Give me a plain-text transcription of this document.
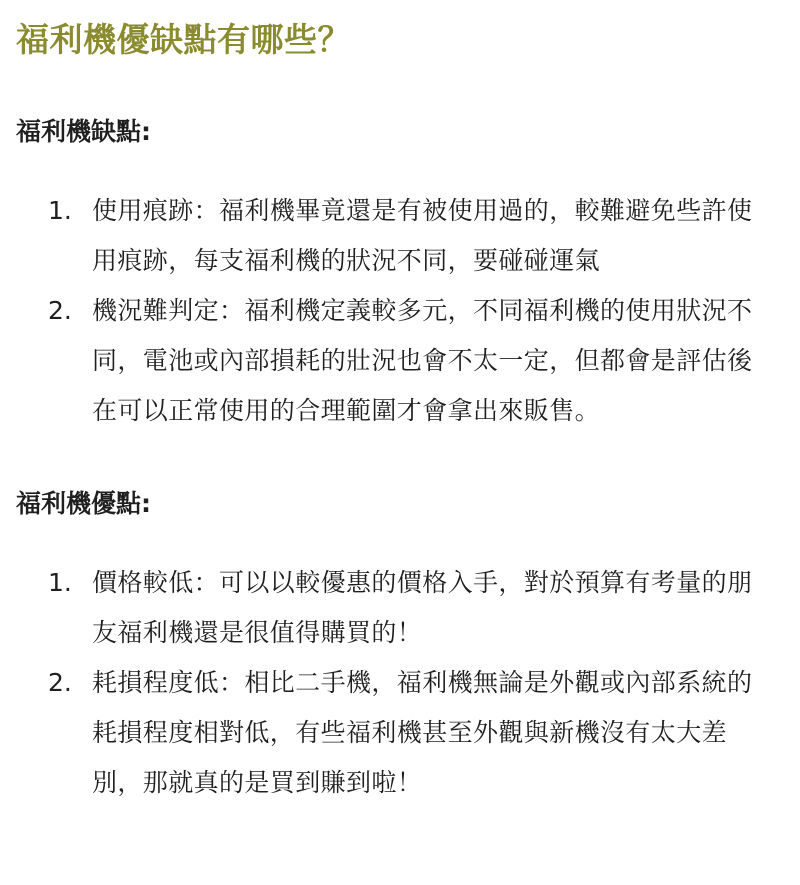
福利機優缺點有哪些？
福利機缺點:
1. 使用痕跡：福利機畢竟還是有被使用過的，較難避免些許使用痕跡，每支福利機的狀況不同，要碰碰運氣
2. 機況難判定：福利機定義較多元，不同福利機的使用狀況不同，電池或內部損耗的壯況也會不太一定，但都會是評估後在可以正常使用的合理範圍才會拿出來販售。
福利機優點:
1. 價格較低：可以以較優惠的價格入手，對於預算有考量的朋友福利機還是很值得購買的！
2. 耗損程度低：相比二手機，福利機無論是外觀或內部系統的耗損程度相對低，有些福利機甚至外觀與新機沒有太大差別，那就真的是買到賺到啦！
